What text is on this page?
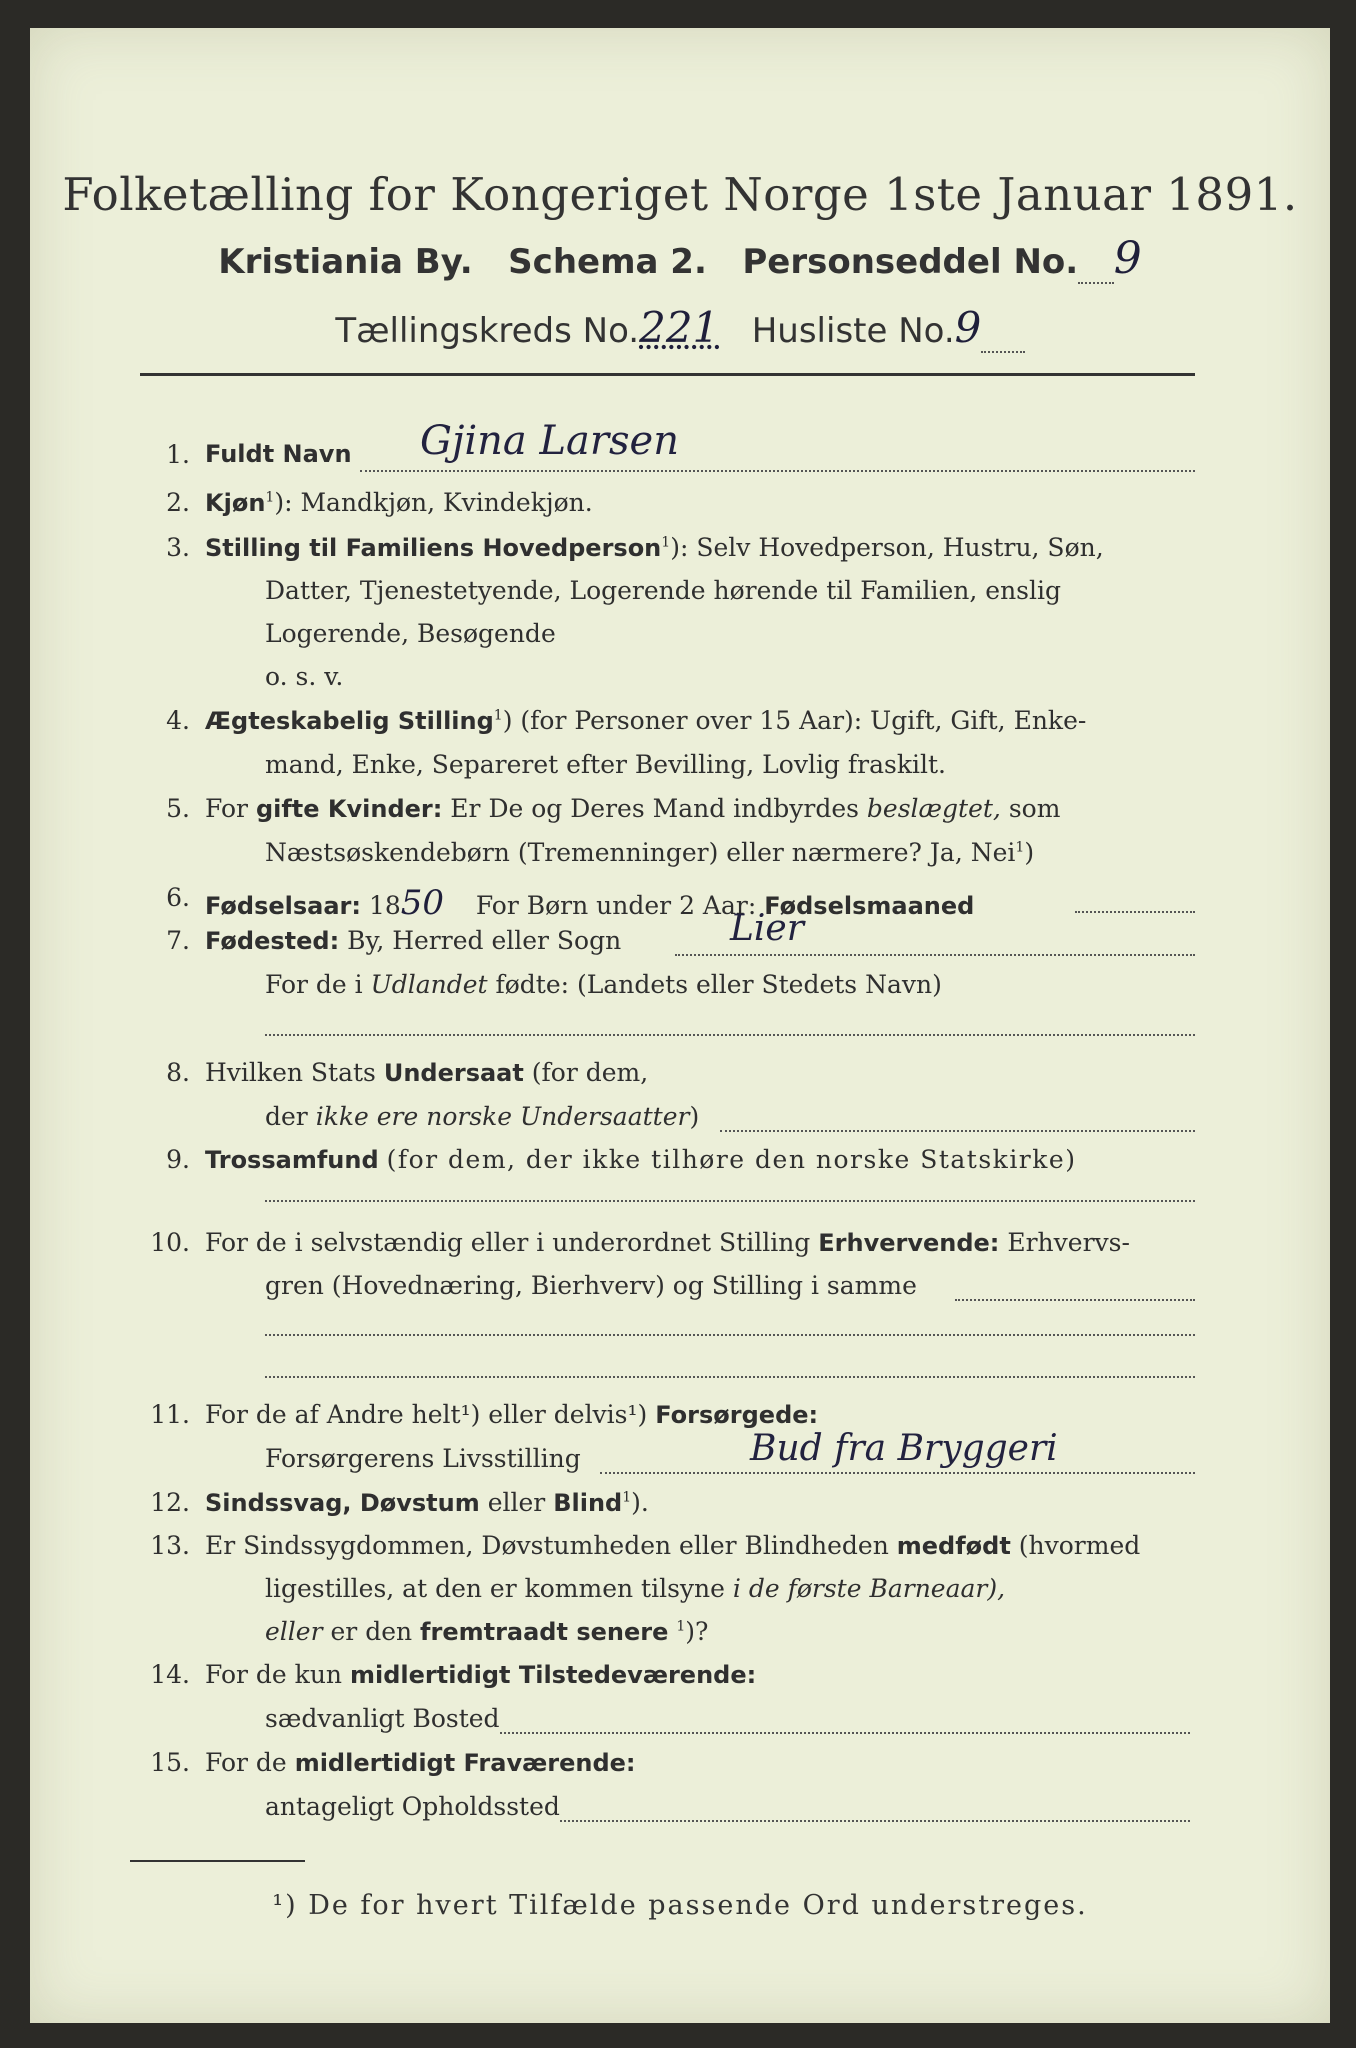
Folketælling for Kongeriget Norge 1ste Januar 1891.
Kristiania By. Schema 2. Personseddel No. 9
Tællingskreds No.221 Husliste No.9
1. Fuldt Navn Gjina Larsen
2. Kjøn$^1$): Mandkjøn, Kvindekjøn.
3. Stilling til Familiens Hovedperson$^1$): Selv Hovedperson, Hustru, Søn,
Datter, Tjenestetyende, Logerende hørende til Familien, enslig
Logerende, Besøgende
o. s. v.
4. Ægteskabelig Stilling$^1$) (for Personer over 15 Aar): Ugift, Gift, Enke-
mand, Enke, Separeret efter Bevilling, Lovlig fraskilt.
5. For gifte Kvinder: Er De og Deres Mand indbyrdes beslægtet, som
Næstsøskendebørn (Tremenninger) eller nærmere? Ja, Nei$^1$)
6. Fødselsaar: 1850 For Børn under 2 Aar: Fødselsmaaned
7. Fødested: By, Herred eller Sogn	Lier
For de i Udlandet fødte: (Landets eller Stedets Navn)
8. Hvilken Stats Undersaat (for dem,
der ikke ere norske Undersaatter)
9. Trossamfund (for dem, der ikke tilhøre den norske Statskirke)
10. For de i selvstændig eller i underordnet Stilling Erhvervende: Erhvervs-
gren (Hovednæring, Bierhverv) og Stilling i samme
11. For de af Andre helt¹) eller delvis¹) Forsørgede:
Forsørgerens Livsstilling	Bud fra Bryggeri
12. Sindssvag, Døvstum eller Blind$^1$).
13. Er Sindssygdommen, Døvstumheden eller Blindheden medfødt (hvormed
ligestilles, at den er kommen tilsyne i de første Barneaar),
eller er den fremtraadt senere $^1$)?
14. For de kun midlertidigt Tilstedeværende:
sædvanligt Bosted
15. For de midlertidigt Fraværende:
antageligt Opholdssted
¹) De for hvert Tilfælde passende Ord understreges.
